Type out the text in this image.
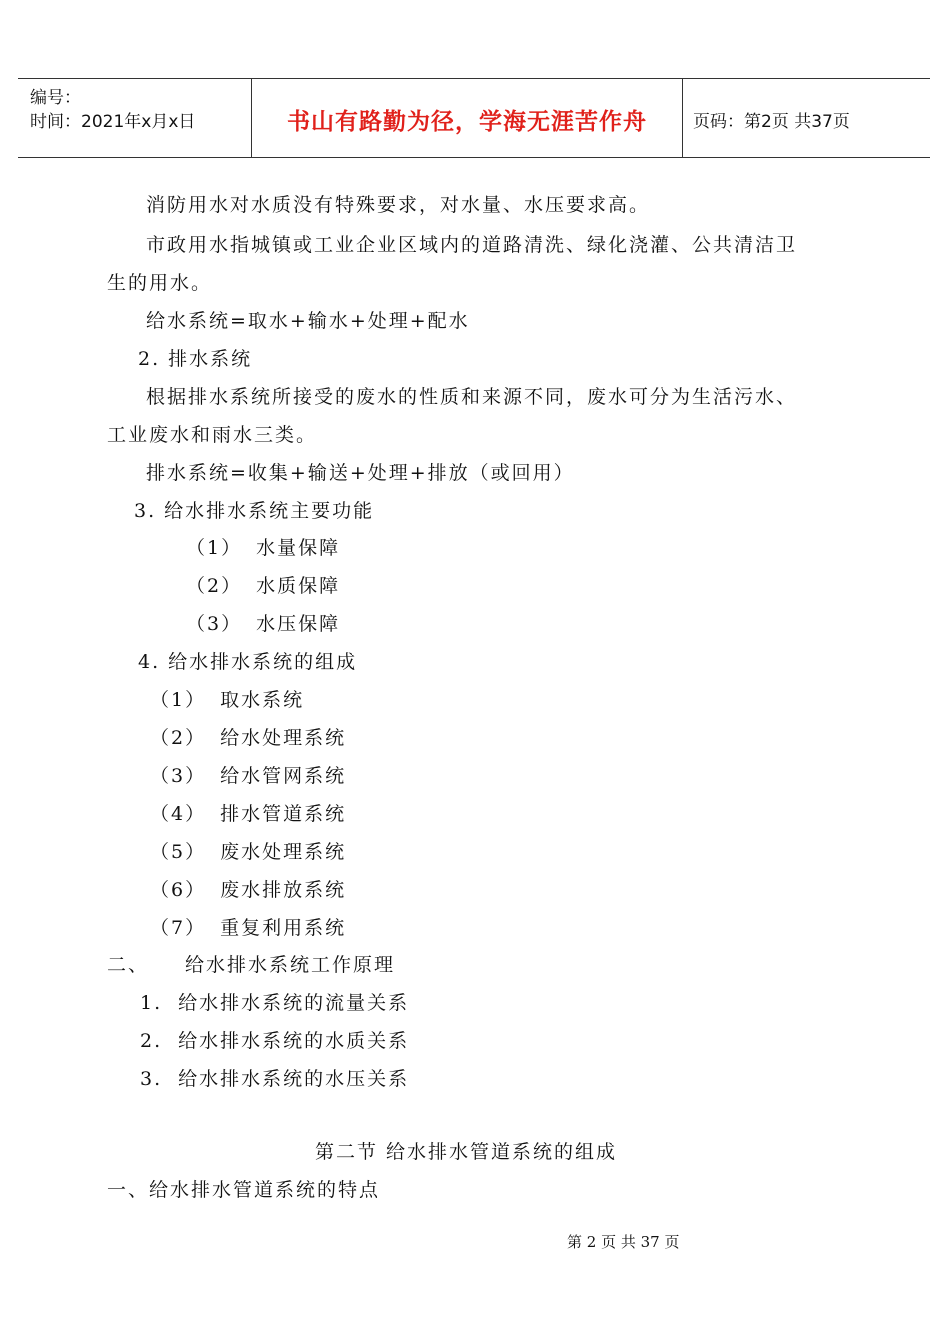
编号：
时间：2021年x月x日	书山有路勤为径，学海无涯苦作舟	页码：第2页 共37页
消防用水对水质没有特殊要求，对水量、水压要求高。
市政用水指城镇或工业企业区域内的道路清洗、绿化浇灌、公共清洁卫
生的用水。
给水系统=取水+输水+处理+配水
2. 排水系统
根据排水系统所接受的废水的性质和来源不同，废水可分为生活污水、
工业废水和雨水三类。
排水系统=收集+输送+处理+排放（或回用）
3. 给水排水系统主要功能
（1） 水量保障
（2） 水质保障
（3） 水压保障
4. 给水排水系统的组成
（1） 取水系统
（2） 给水处理系统
（3） 给水管网系统
（4） 排水管道系统
（5） 废水处理系统
（6） 废水排放系统
（7） 重复利用系统
二、 给水排水系统工作原理
1. 给水排水系统的流量关系
2. 给水排水系统的水质关系
3. 给水排水系统的水压关系
第二节 给水排水管道系统的组成
一、给水排水管道系统的特点
第 2 页 共 37 页
